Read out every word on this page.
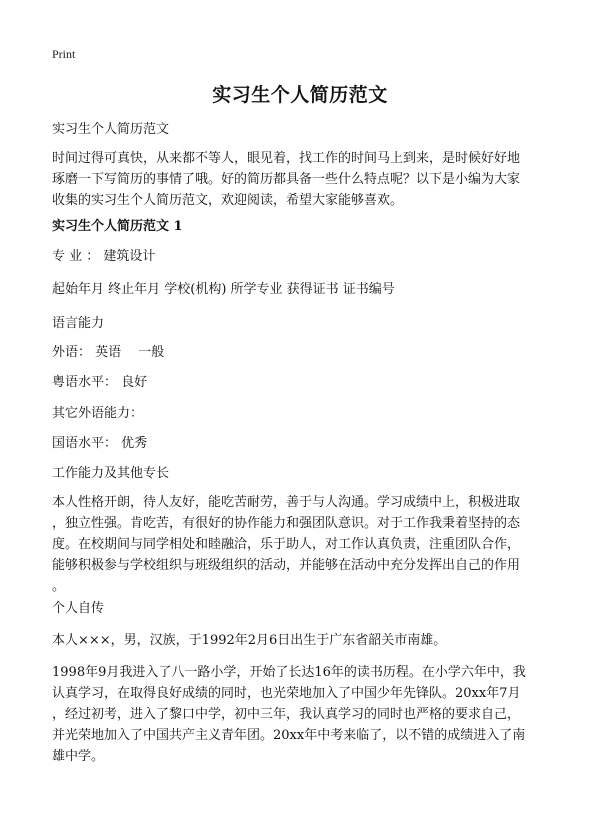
Print
实习生个人简历范文
实习生个人简历范文

时间过得可真快，从来都不等人，眼见着，找工作的时间马上到来，是时候好好地

琢磨一下写简历的事情了哦。好的简历都具备一些什么特点呢？以下是小编为大家

收集的实习生个人简历范文，欢迎阅读，希望大家能够喜欢。

实习生个人简历范文 1
专 业 ： 建筑设计
起始年月 终止年月 学校(机构) 所学专业 获得证书 证书编号
语言能力
外语： 英语　 一般
粤语水平： 良好
其它外语能力：
国语水平： 优秀
工作能力及其他专长

本人性格开朗，待人友好，能吃苦耐劳，善于与人沟通。学习成绩中上，积极进取

，独立性强。肯吃苦，有很好的协作能力和强团队意识。对于工作我秉着坚持的态

度。在校期间与同学相处和睦融洽，乐于助人，对工作认真负责，注重团队合作，

能够积极参与学校组织与班级组织的活动，并能够在活动中充分发挥出自己的作用

。

个人自传
本人×××，男，汉族，于1992年2月6日出生于广东省韶关市南雄。

1998年9月我进入了八一路小学，开始了长达16年的读书历程。在小学六年中，我

认真学习，在取得良好成绩的同时，也光荣地加入了中国少年先锋队。20xx年7月

，经过初考，进入了黎口中学，初中三年，我认真学习的同时也严格的要求自己，

并光荣地加入了中国共产主义青年团。20xx年中考来临了，以不错的成绩进入了南

雄中学。
